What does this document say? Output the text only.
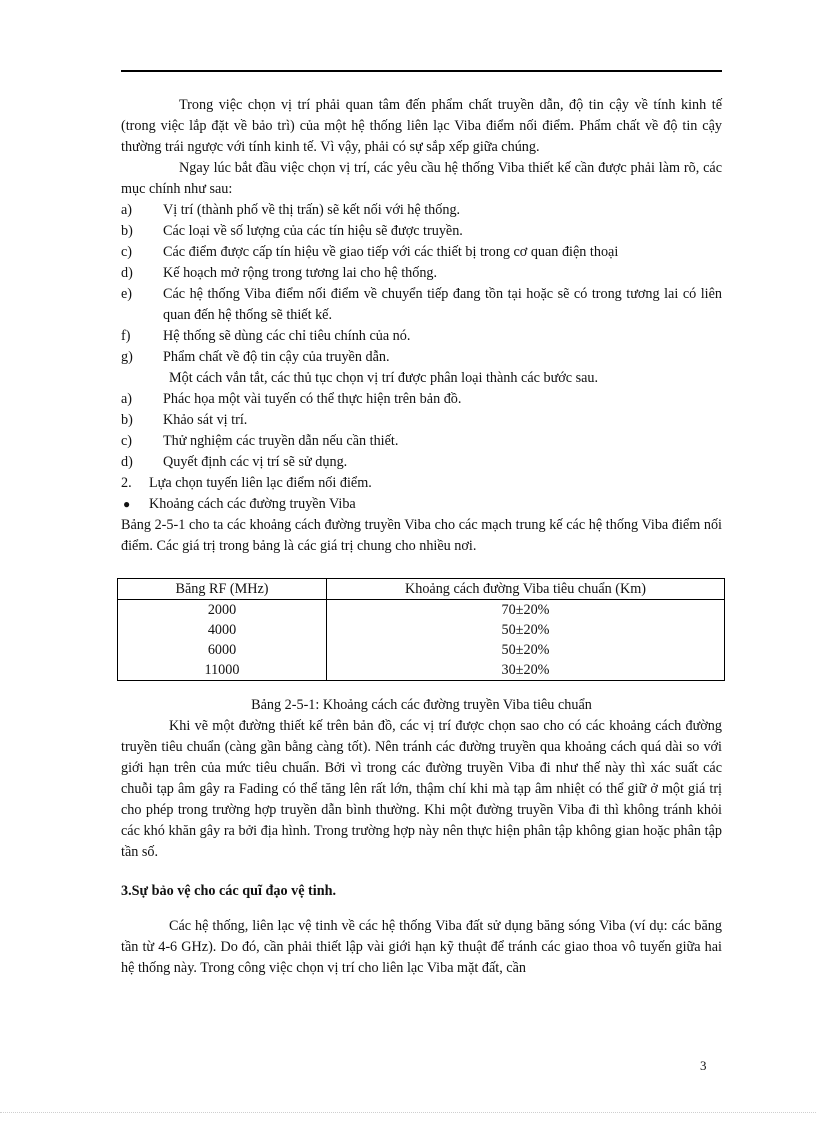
Trong việc chọn vị trí phải quan tâm đến phẩm chất truyền dẫn, độ tin cậy về tính kinh tế (trong việc lắp đặt về bảo trì) của một hệ thống liên lạc Viba điểm nối điểm. Phẩm chất về độ tin cậy thường trái ngược với tính kinh tế. Vì vậy, phải có sự sắp xếp giữa chúng.

Ngay lúc bắt đầu việc chọn vị trí, các yêu cầu hệ thống Viba thiết kế cần được phải làm rõ, các mục chính như sau:

a) Vị trí (thành phố về thị trấn) sẽ kết nối với hệ thống.
b) Các loại về số lượng của các tín hiệu sẽ được truyền.
c) Các điểm được cấp tín hiệu về giao tiếp với các thiết bị trong cơ quan điện thoại
d) Kế hoạch mở rộng trong tương lai cho hệ thống.
e) Các hệ thống Viba điểm nối điểm về chuyển tiếp đang tồn tại hoặc sẽ có trong tương lai có liên quan đến hệ thống sẽ thiết kế.
f) Hệ thống sẽ dùng các chỉ tiêu chính của nó.
g) Phẩm chất về độ tin cậy của truyền dẫn.

Một cách vắn tắt, các thủ tục chọn vị trí được phân loại thành các bước sau.

a) Phác họa một vài tuyến có thể thực hiện trên bản đồ.
b) Khảo sát vị trí.
c) Thử nghiệm các truyền dẫn nếu cần thiết.
d) Quyết định các vị trí sẽ sử dụng.
2. Lựa chọn tuyến liên lạc điểm nối điểm.
● Khoảng cách các đường truyền Viba

Bảng 2-5-1 cho ta các khoảng cách đường truyền Viba cho các mạch trung kế các hệ thống Viba điểm nối điểm. Các giá trị trong bảng là các giá trị chung cho nhiều nơi.

Băng RF (MHz)	Khoảng cách đường Viba tiêu chuẩn (Km)
2000	70±20%
4000	50±20%
6000	50±20%
11000	30±20%

Bảng 2-5-1: Khoảng cách các đường truyền Viba tiêu chuẩn

Khi vẽ một đường thiết kế trên bản đồ, các vị trí được chọn sao cho có các khoảng cách đường truyền tiêu chuẩn (càng gần bằng càng tốt). Nên tránh các đường truyền qua khoảng cách quá dài so với giới hạn trên của mức tiêu chuẩn. Bởi vì trong các đường truyền Viba đi như thế này thì xác suất các chuỗi tạp âm gây ra Fading có thể tăng lên rất lớn, thậm chí khi mà tạp âm nhiệt có thể giữ ở một giá trị cho phép trong trường hợp truyền dẫn bình thường. Khi một đường truyền Viba đi thì không tránh khỏi các khó khăn gây ra bởi địa hình. Trong trường hợp này nên thực hiện phân tập không gian hoặc phân tập tần số.

3.Sự bảo vệ cho các quĩ đạo vệ tinh.

Các hệ thống, liên lạc vệ tinh về các hệ thống Viba đất sử dụng băng sóng Viba (ví dụ: các băng tần từ 4-6 GHz). Do đó, cần phải thiết lập vài giới hạn kỹ thuật để tránh các giao thoa vô tuyến giữa hai hệ thống này. Trong công việc chọn vị trí cho liên lạc Viba mặt đất, cần

3
